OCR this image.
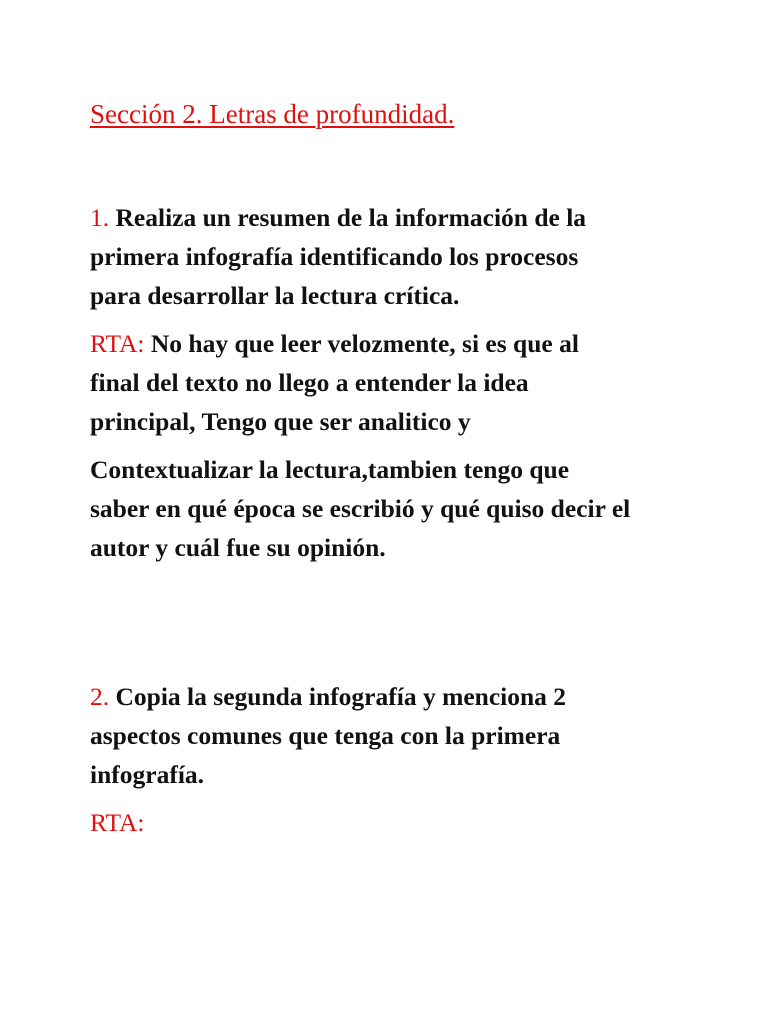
Sección 2. Letras de profundidad.
1. Realiza un resumen de la información de la
primera infografía identificando los procesos
para desarrollar la lectura crítica.
RTA: No hay que leer velozmente, si es que al
final del texto no llego a entender la idea
principal, Tengo que ser analitico y
Contextualizar la lectura,tambien tengo que
saber en qué época se escribió y qué quiso decir el
autor y cuál fue su opinión.
2. Copia la segunda infografía y menciona 2
aspectos comunes que tenga con la primera
infografía.
RTA:
